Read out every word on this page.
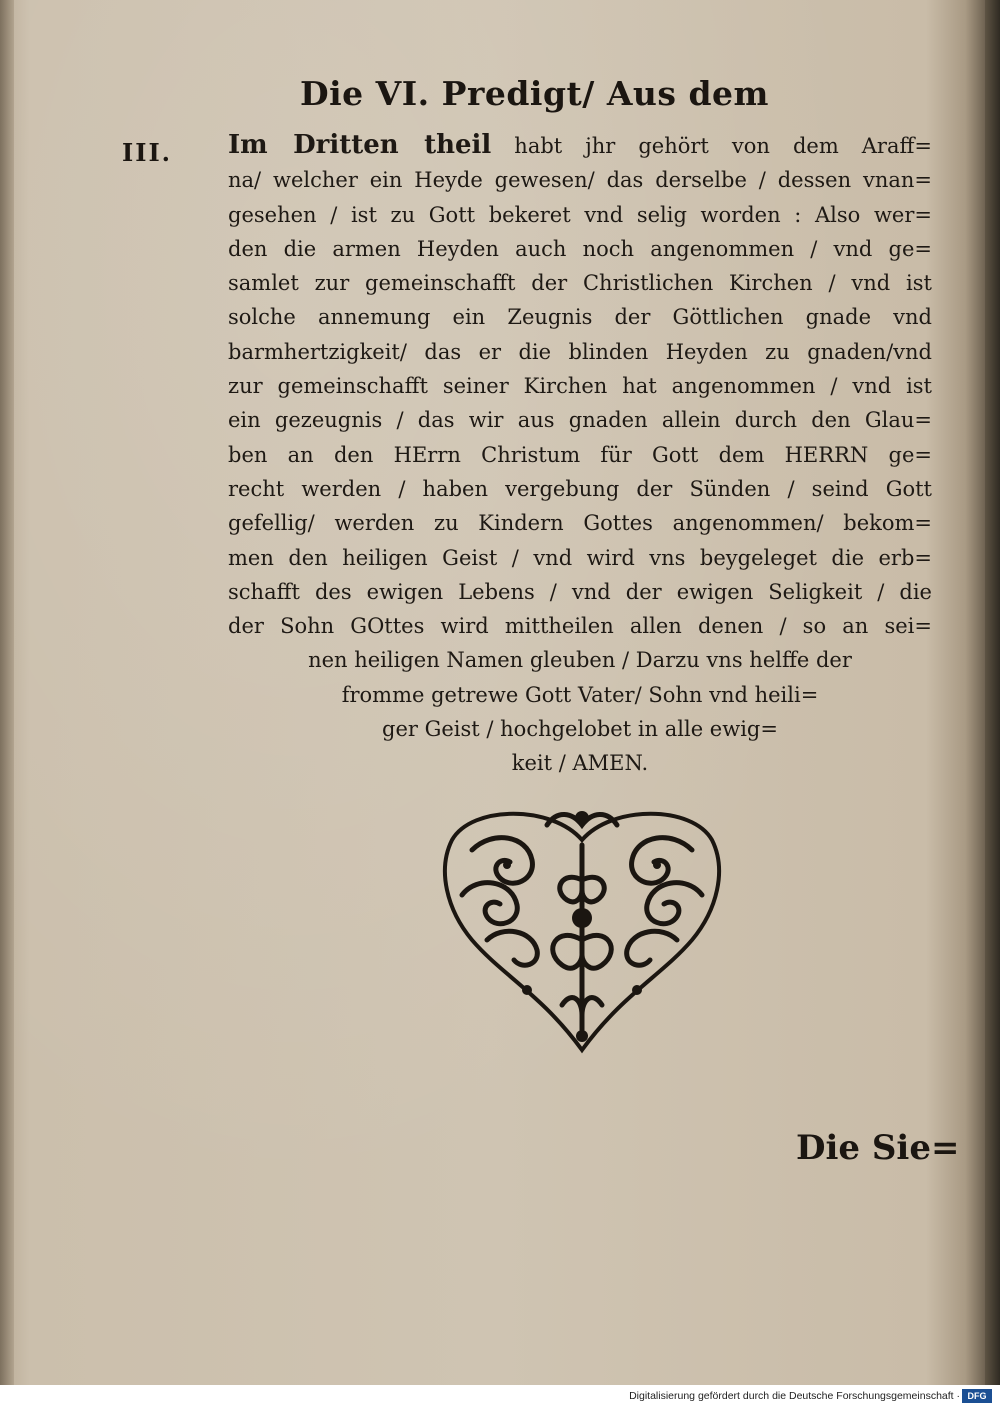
Die VI. Predigt/ Aus dem
III. Im Dritten theil habt jhr gehört von dem Araff=
na/ welcher ein Heyde gewesen/ das derselbe / dessen vnan=
gesehen / ist zu Gott bekeret vnd selig worden : Also wer=
den die armen Heyden auch noch angenommen / vnd ge=
samlet zur gemeinschafft der Christlichen Kirchen / vnd ist
solche annemung ein Zeugnis der Göttlichen gnade vnd
barmhertzigkeit/ das er die blinden Heyden zu gnaden/vnd
zur gemeinschafft seiner Kirchen hat angenommen / vnd ist
ein gezeugnis / das wir aus gnaden allein durch den Glau=
ben an den HErrn Christum für Gott dem HERRN ge=
recht werden / haben vergebung der Sünden / seind Gott
gefellig/ werden zu Kindern Gottes angenommen/ bekom=
men den heiligen Geist / vnd wird vns beygeleget die erb=
schafft des ewigen Lebens / vnd der ewigen Seligkeit / die
der Sohn GOttes wird mittheilen allen denen / so an sei=
nen heiligen Namen gleuben / Darzu vns helffe der
fromme getrewe Gott Vater/ Sohn vnd heili=
ger Geist / hochgelobet in alle ewig=
keit / AMEN.
Die Sie=
Digitalisierung gefördert durch die Deutsche Forschungsgemeinschaft · DFG
